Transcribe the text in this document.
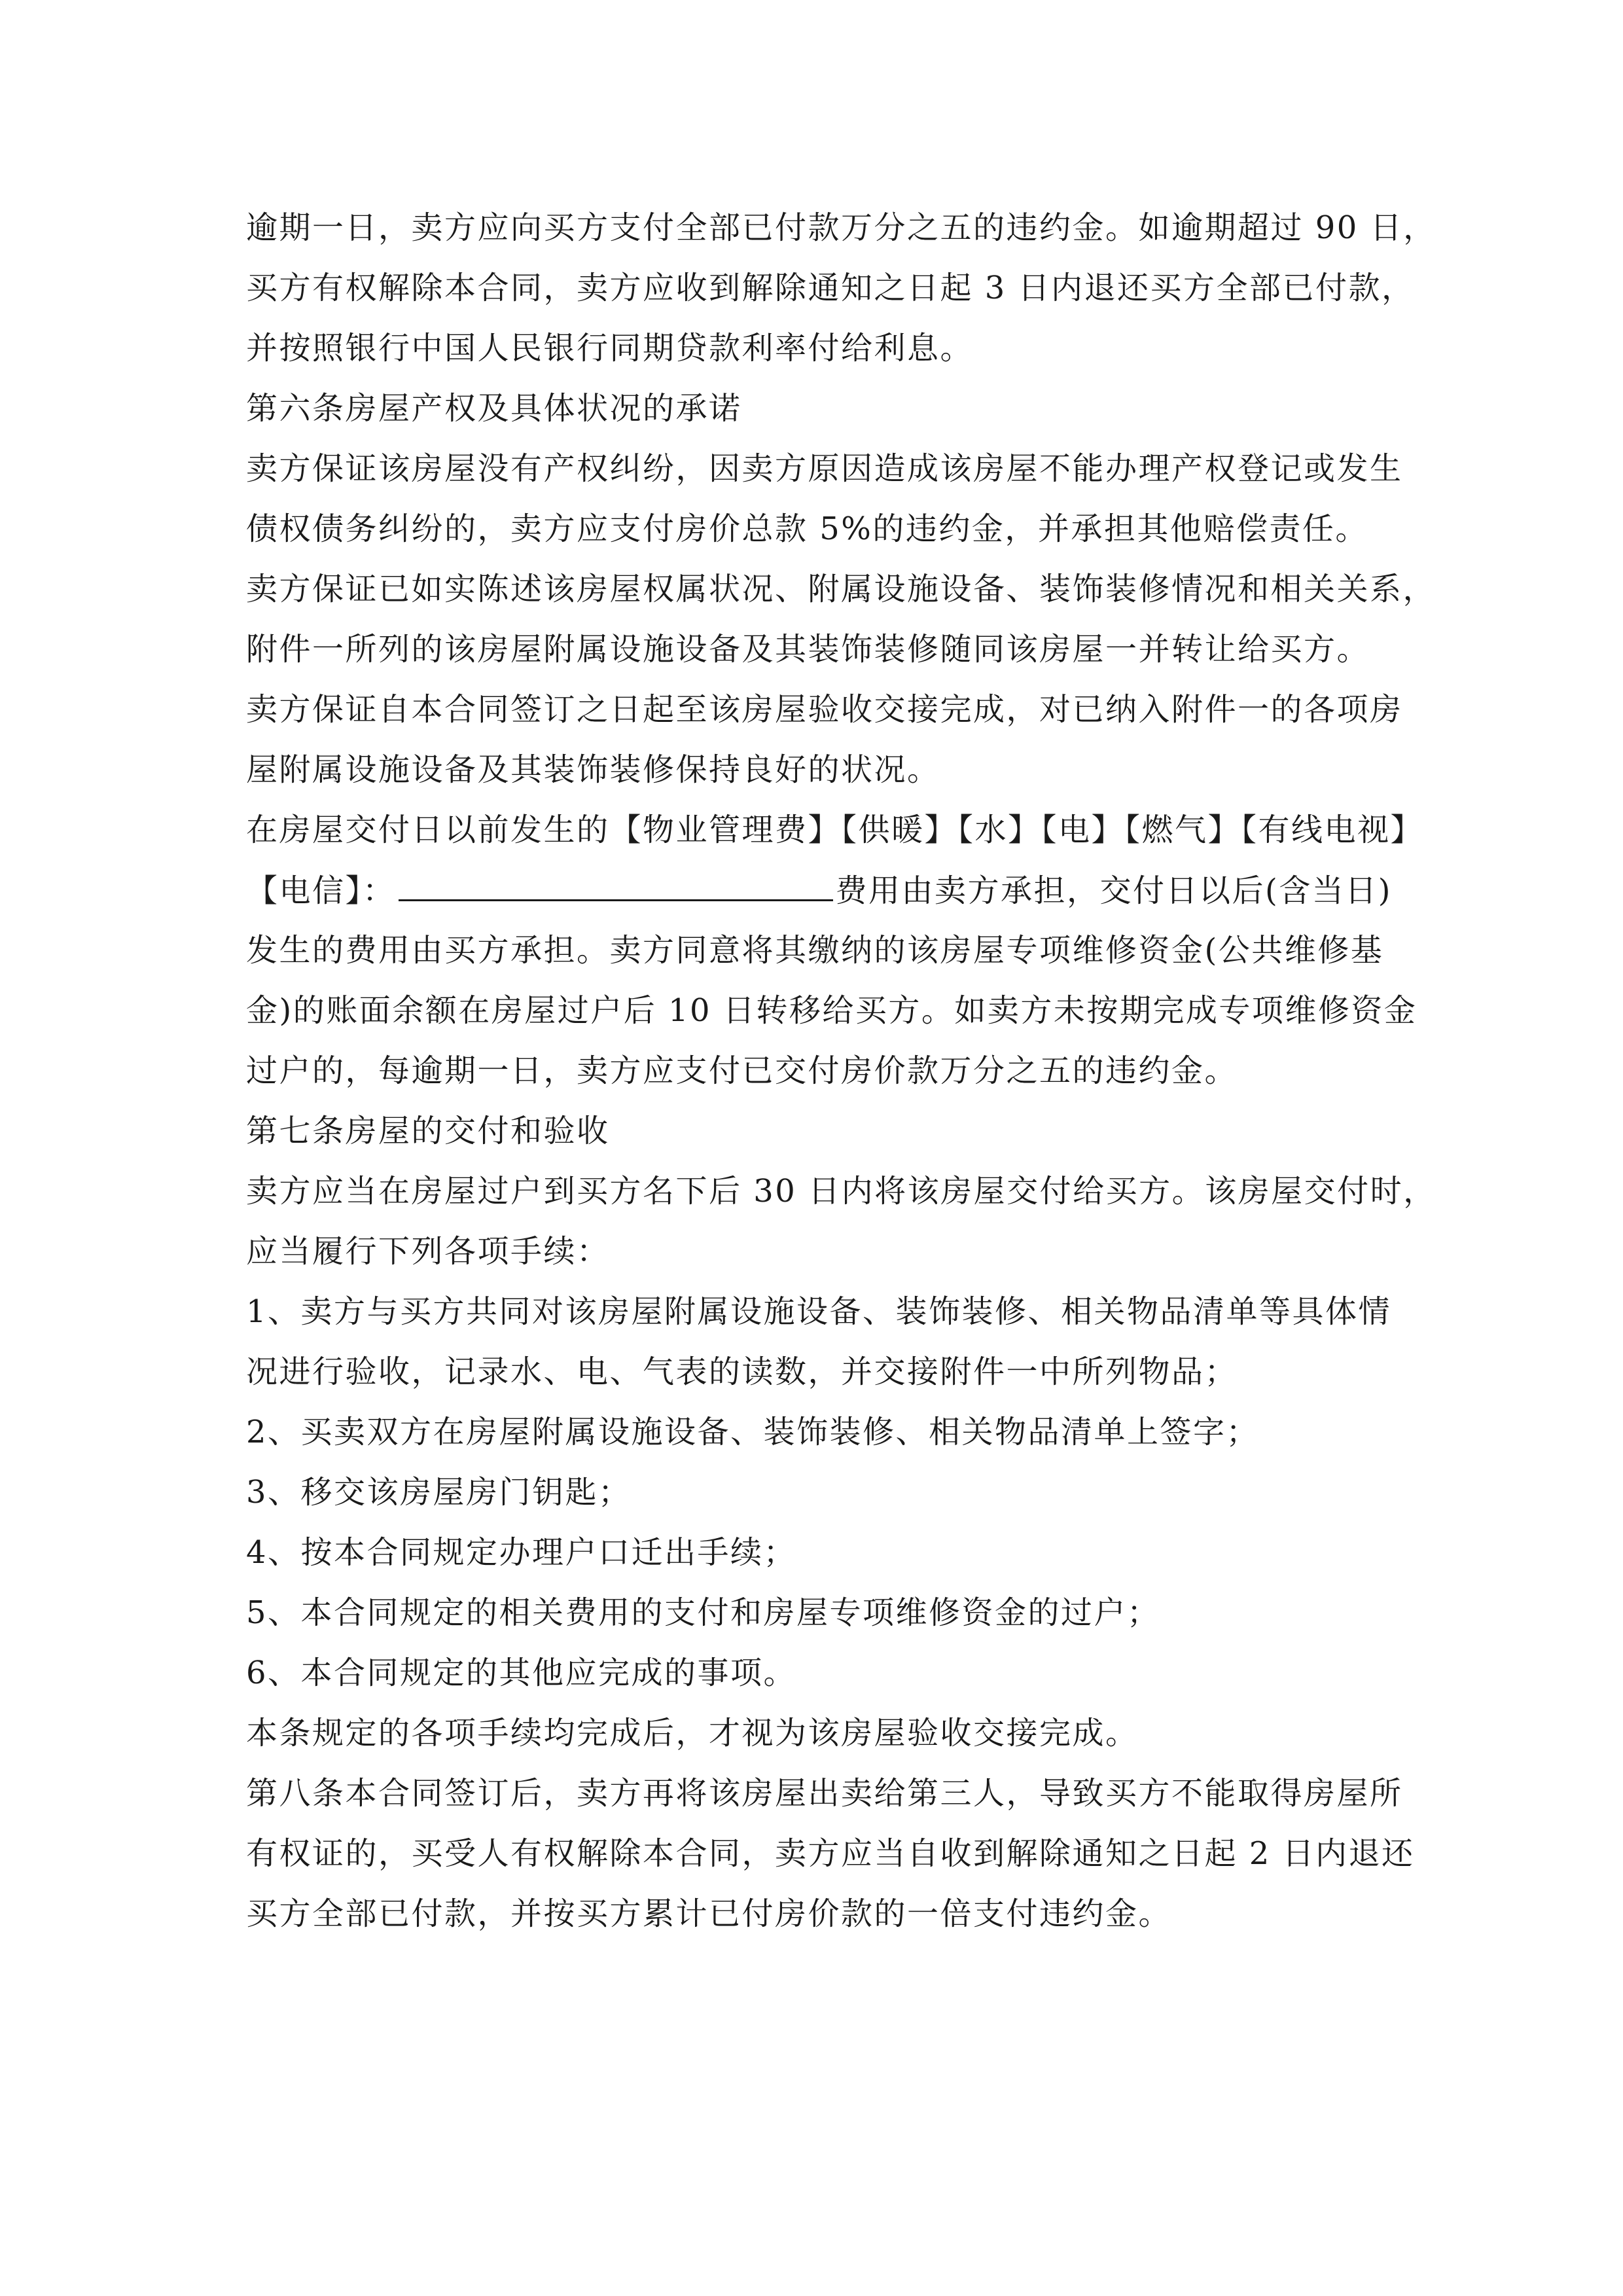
逾期一日，卖方应向买方支付全部已付款万分之五的违约金。如逾期超过 90 日，
买方有权解除本合同，卖方应收到解除通知之日起 3 日内退还买方全部已付款，
并按照银行中国人民银行同期贷款利率付给利息。
第六条房屋产权及具体状况的承诺
卖方保证该房屋没有产权纠纷，因卖方原因造成该房屋不能办理产权登记或发生
债权债务纠纷的，卖方应支付房价总款 5%的违约金，并承担其他赔偿责任。
卖方保证已如实陈述该房屋权属状况、附属设施设备、装饰装修情况和相关关系，
附件一所列的该房屋附属设施设备及其装饰装修随同该房屋一并转让给买方。
卖方保证自本合同签订之日起至该房屋验收交接完成，对已纳入附件一的各项房
屋附属设施设备及其装饰装修保持良好的状况。
在房屋交付日以前发生的【物业管理费】【供暖】【水】【电】【燃气】【有线电视】
【电信】：	费用由卖方承担，交付日以后(含当日)
发生的费用由买方承担。卖方同意将其缴纳的该房屋专项维修资金(公共维修基
金)的账面余额在房屋过户后 10 日转移给买方。如卖方未按期完成专项维修资金
过户的，每逾期一日，卖方应支付已交付房价款万分之五的违约金。
第七条房屋的交付和验收
卖方应当在房屋过户到买方名下后 30 日内将该房屋交付给买方。该房屋交付时，
应当履行下列各项手续：
1、卖方与买方共同对该房屋附属设施设备、装饰装修、相关物品清单等具体情
况进行验收，记录水、电、气表的读数，并交接附件一中所列物品；
2、买卖双方在房屋附属设施设备、装饰装修、相关物品清单上签字；
3、移交该房屋房门钥匙；
4、按本合同规定办理户口迁出手续；
5、本合同规定的相关费用的支付和房屋专项维修资金的过户；
6、本合同规定的其他应完成的事项。
本条规定的各项手续均完成后，才视为该房屋验收交接完成。
第八条本合同签订后，卖方再将该房屋出卖给第三人，导致买方不能取得房屋所
有权证的，买受人有权解除本合同，卖方应当自收到解除通知之日起 2 日内退还
买方全部已付款，并按买方累计已付房价款的一倍支付违约金。
